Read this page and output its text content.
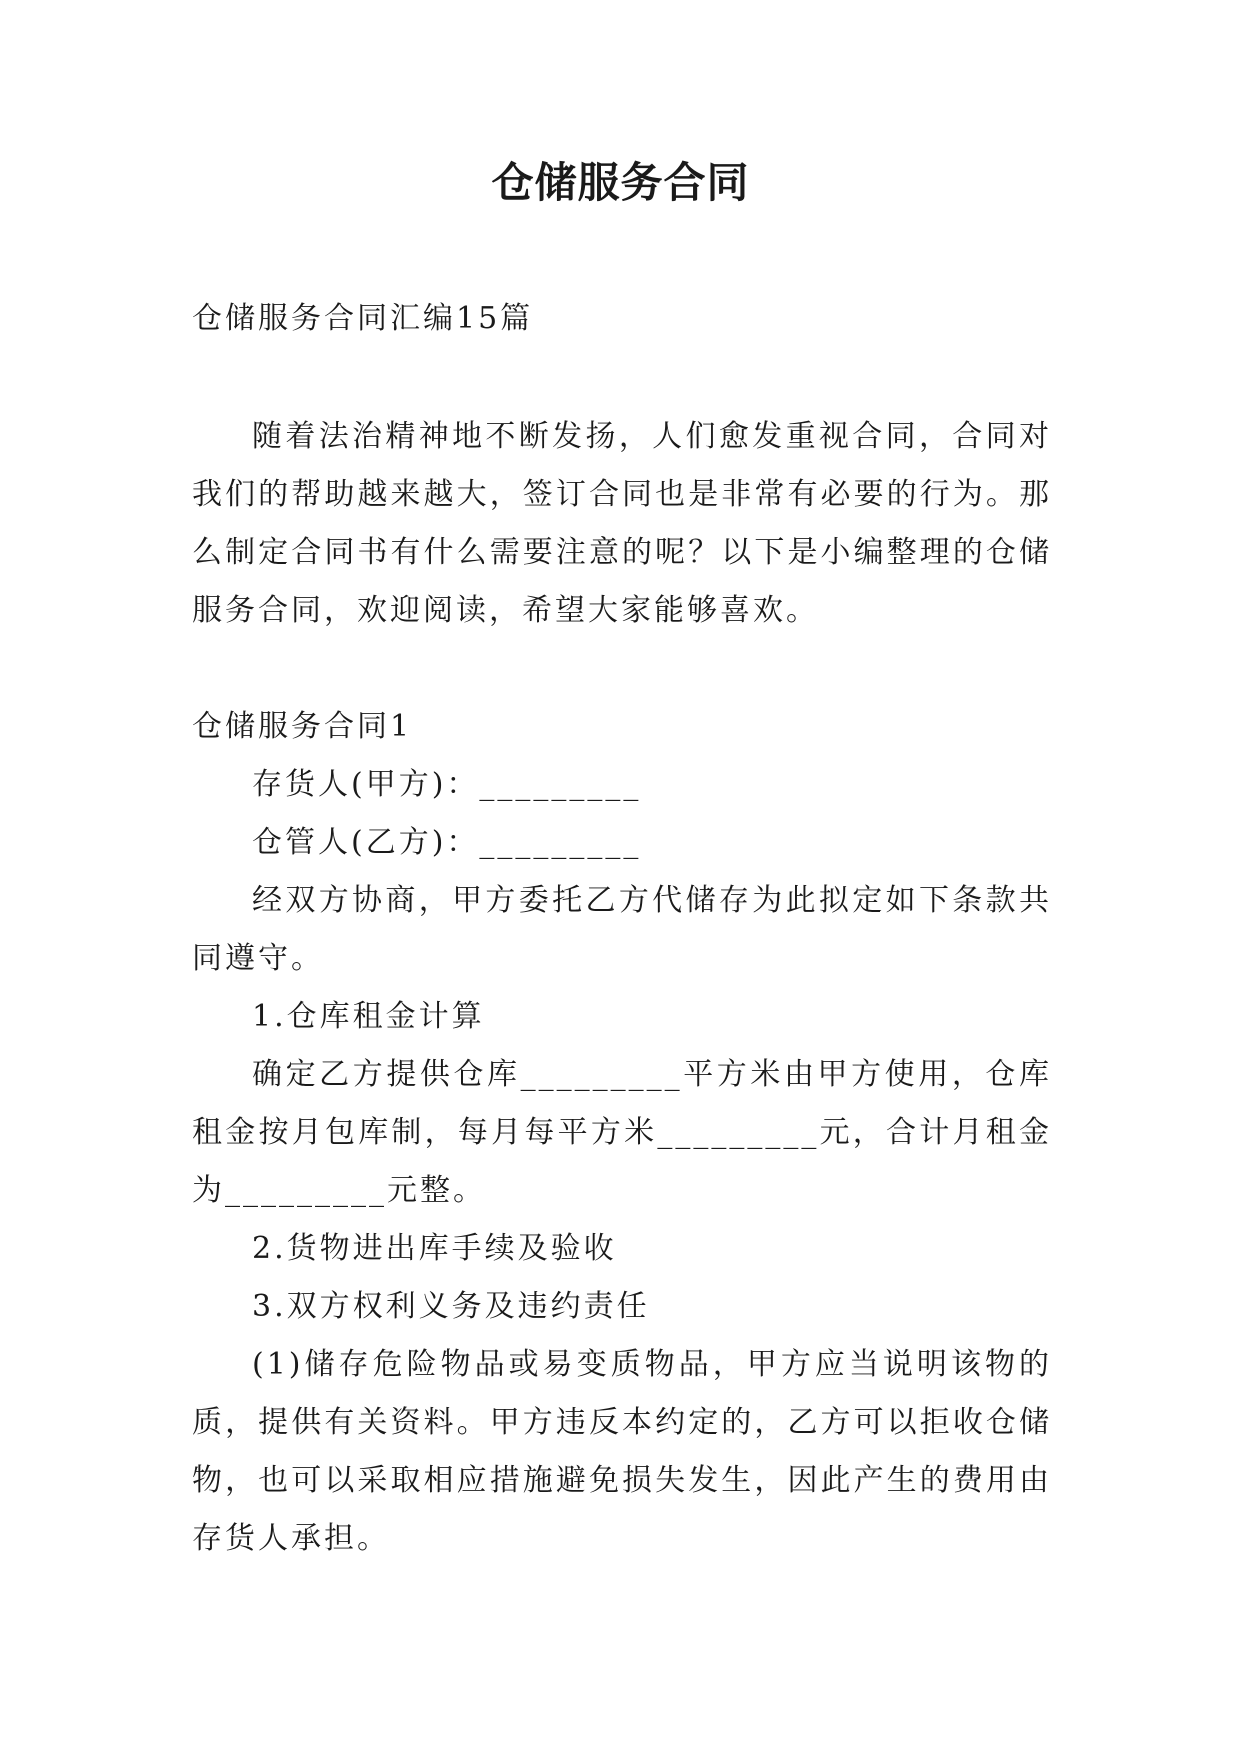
仓储服务合同

仓储服务合同汇编15篇

随着法治精神地不断发扬，人们愈发重视合同，合同对我们的帮助越来越大，签订合同也是非常有必要的行为。那么制定合同书有什么需要注意的呢？以下是小编整理的仓储服务合同，欢迎阅读，希望大家能够喜欢。

仓储服务合同1

存货人(甲方)：_________

仓管人(乙方)：_________

经双方协商，甲方委托乙方代储存为此拟定如下条款共同遵守。

1.仓库租金计算

确定乙方提供仓库_________平方米由甲方使用，仓库租金按月包库制，每月每平方米_________元，合计月租金为_________元整。

2.货物进出库手续及验收

3.双方权利义务及违约责任

(1)储存危险物品或易变质物品，甲方应当说明该物的质，提供有关资料。甲方违反本约定的，乙方可以拒收仓储物，也可以采取相应措施避免损失发生，因此产生的费用由存货人承担。
